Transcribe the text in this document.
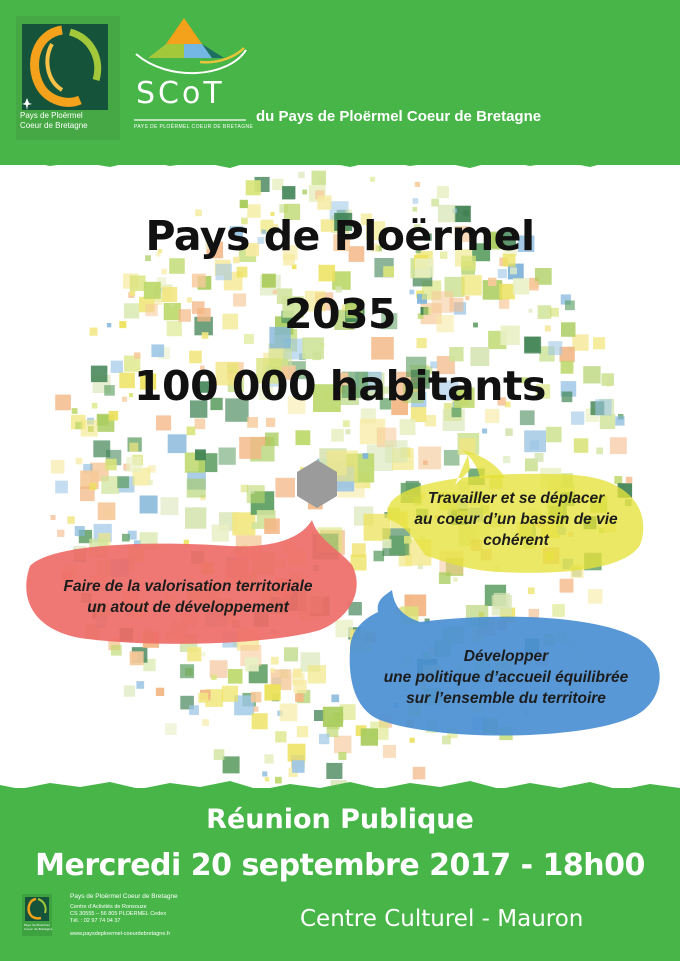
Pays de Ploërmel
Coeur de Bretagne
SCoT
PAYS DE PLOËRMEL COEUR DE BRETAGNE
du Pays de Ploërmel Coeur de Bretagne
Pays de Ploërmel
2035
100 000 habitants
Travailler et se déplacer
au coeur d’un bassin de vie
cohérent
Faire de la valorisation territoriale
un atout de développement
Développer
une politique d’accueil équilibrée
sur l’ensemble du territoire
Réunion Publique
Mercredi 20 septembre 2017 - 18h00
Centre Culturel - Mauron
Pays de Ploërmel Coeur de Bretagne
Pays de Ploërmel Coeur de Bretagne
Centre d’Activités de Ronsouze
CS 30555 – 56 805 PLOERMEL Cedex
Tél. : 02 97 74 04 37
www.paysdeploermel-coeurdebretagne.fr
